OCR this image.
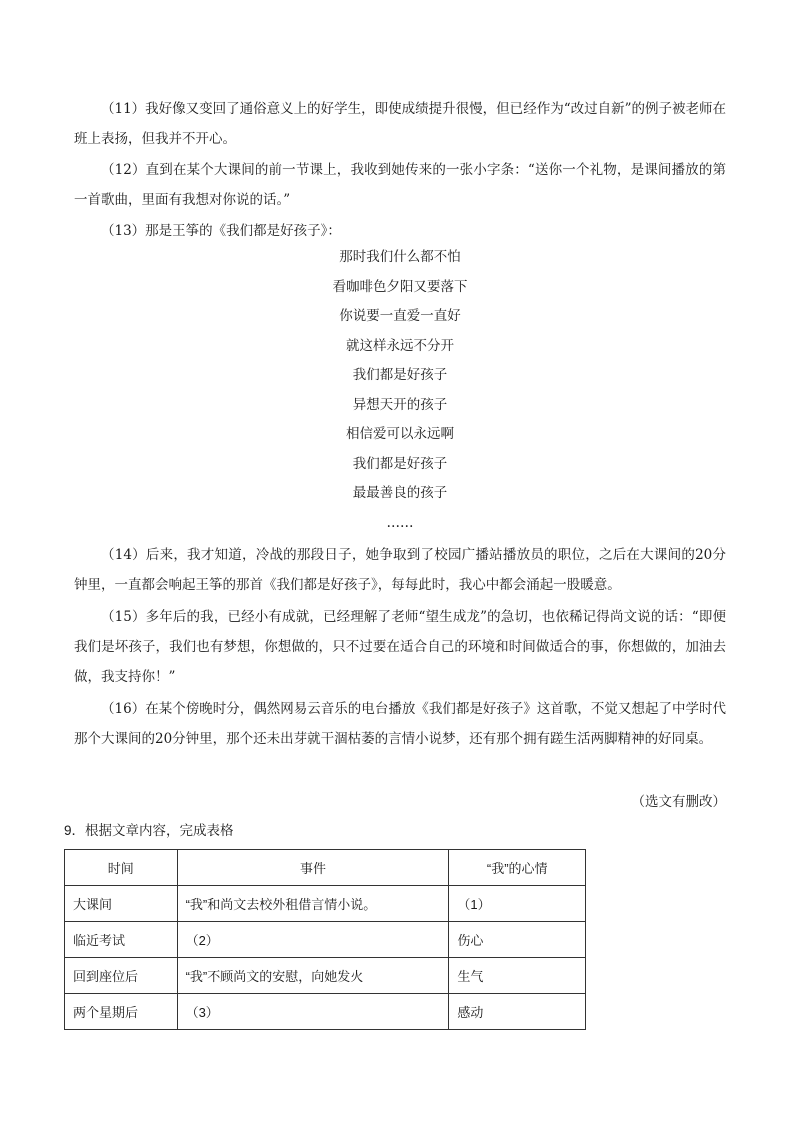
（11）我好像又变回了通俗意义上的好学生，即使成绩提升很慢，但已经作为“改过自新”的例子被老师在班上表扬，但我并不开心。

（12）直到在某个大课间的前一节课上，我收到她传来的一张小字条：“送你一个礼物，是课间播放的第一首歌曲，里面有我想对你说的话。”

（13）那是王筝的《我们都是好孩子》：

那时我们什么都不怕
看咖啡色夕阳又要落下
你说要一直爱一直好
就这样永远不分开
我们都是好孩子
异想天开的孩子
相信爱可以永远啊
我们都是好孩子
最最善良的孩子
……

（14）后来，我才知道，冷战的那段日子，她争取到了校园广播站播放员的职位，之后在大课间的20分钟里，一直都会响起王筝的那首《我们都是好孩子》，每每此时，我心中都会涌起一股暖意。

（15）多年后的我，已经小有成就，已经理解了老师“望生成龙”的急切，也依稀记得尚文说的话：“即便我们是坏孩子，我们也有梦想，你想做的，只不过要在适合自己的环境和时间做适合的事，你想做的，加油去做，我支持你！”

（16）在某个傍晚时分，偶然网易云音乐的电台播放《我们都是好孩子》这首歌，不觉又想起了中学时代那个大课间的20分钟里，那个还未出芽就干涸枯萎的言情小说梦，还有那个拥有蹉生活两脚精神的好同桌。

（选文有删改）
9．根据文章内容，完成表格
时间	事件	“我”的心情
大课间	“我”和尚文去校外租借言情小说。	（1）
临近考试	（2）	伤心
回到座位后	“我”不顾尚文的安慰，向她发火	生气
两个星期后	（3）	感动
